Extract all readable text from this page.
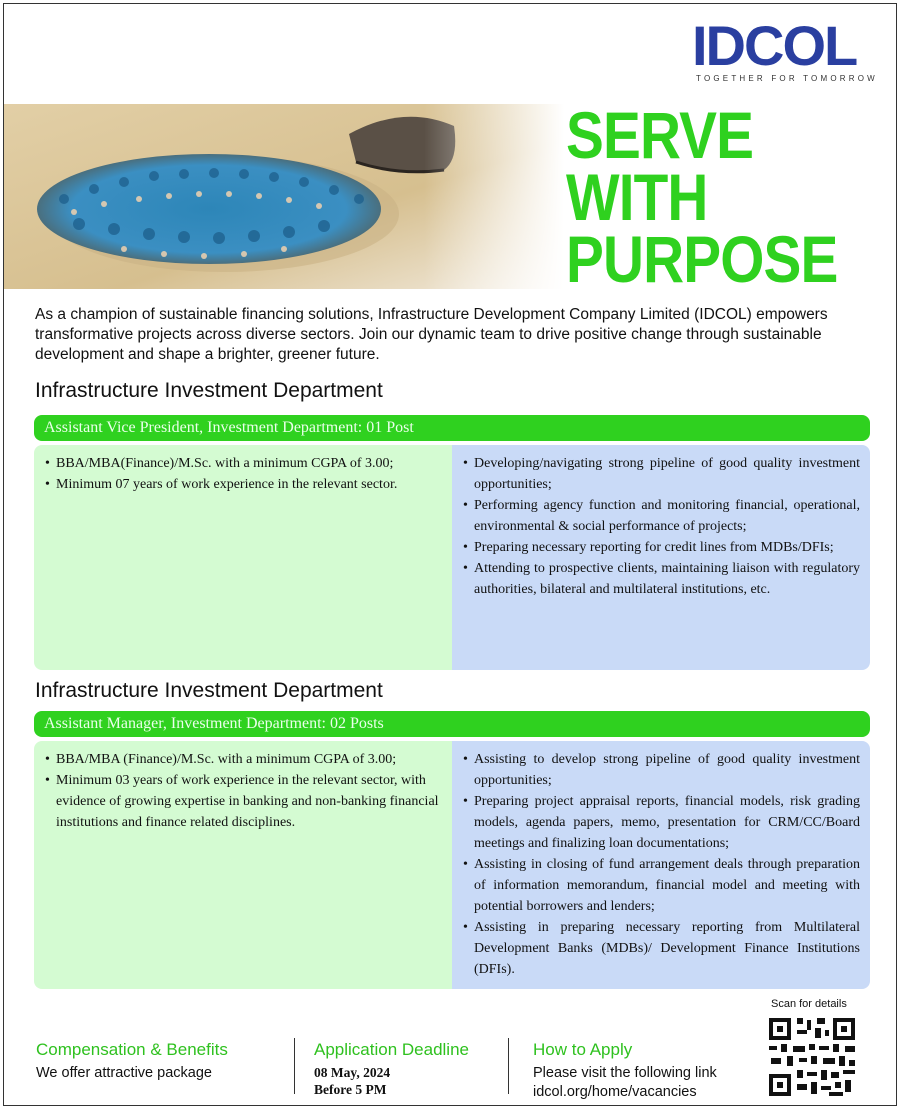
IDCOL
TOGETHER FOR TOMORROW
SERVE
WITH
PURPOSE
As a champion of sustainable financing solutions, Infrastructure Development Company Limited (IDCOL) empowers transformative projects across diverse sectors. Join our dynamic team to drive positive change through sustainable development and shape a brighter, greener future.
Infrastructure Investment Department
Assistant Vice President, Investment Department: 01 Post
• BBA/MBA(Finance)/M.Sc. with a minimum CGPA of 3.00;
• Minimum 07 years of work experience in the relevant sector.
• Developing/navigating strong pipeline of good quality investment opportunities;
• Performing agency function and monitoring financial, operational, environmental & social performance of projects;
• Preparing necessary reporting for credit lines from MDBs/DFIs;
• Attending to prospective clients, maintaining liaison with regulatory authorities, bilateral and multilateral institutions, etc.
Infrastructure Investment Department
Assistant Manager, Investment Department: 02 Posts
• BBA/MBA (Finance)/M.Sc. with a minimum CGPA of 3.00;
• Minimum 03 years of work experience in the relevant sector, with evidence of growing expertise in banking and non-banking financial institutions and finance related disciplines.
• Assisting to develop strong pipeline of good quality investment opportunities;
• Preparing project appraisal reports, financial models, risk grading models, agenda papers, memo, presentation for CRM/CC/Board meetings and finalizing loan documentations;
• Assisting in closing of fund arrangement deals through preparation of information memorandum, financial model and meeting with potential borrowers and lenders;
• Assisting in preparing necessary reporting from Multilateral Development Banks (MDBs)/ Development Finance Institutions (DFIs).
Compensation & Benefits
We offer attractive package
Application Deadline
08 May, 2024
Before 5 PM
How to Apply
Please visit the following link
idcol.org/home/vacancies
Scan for details
